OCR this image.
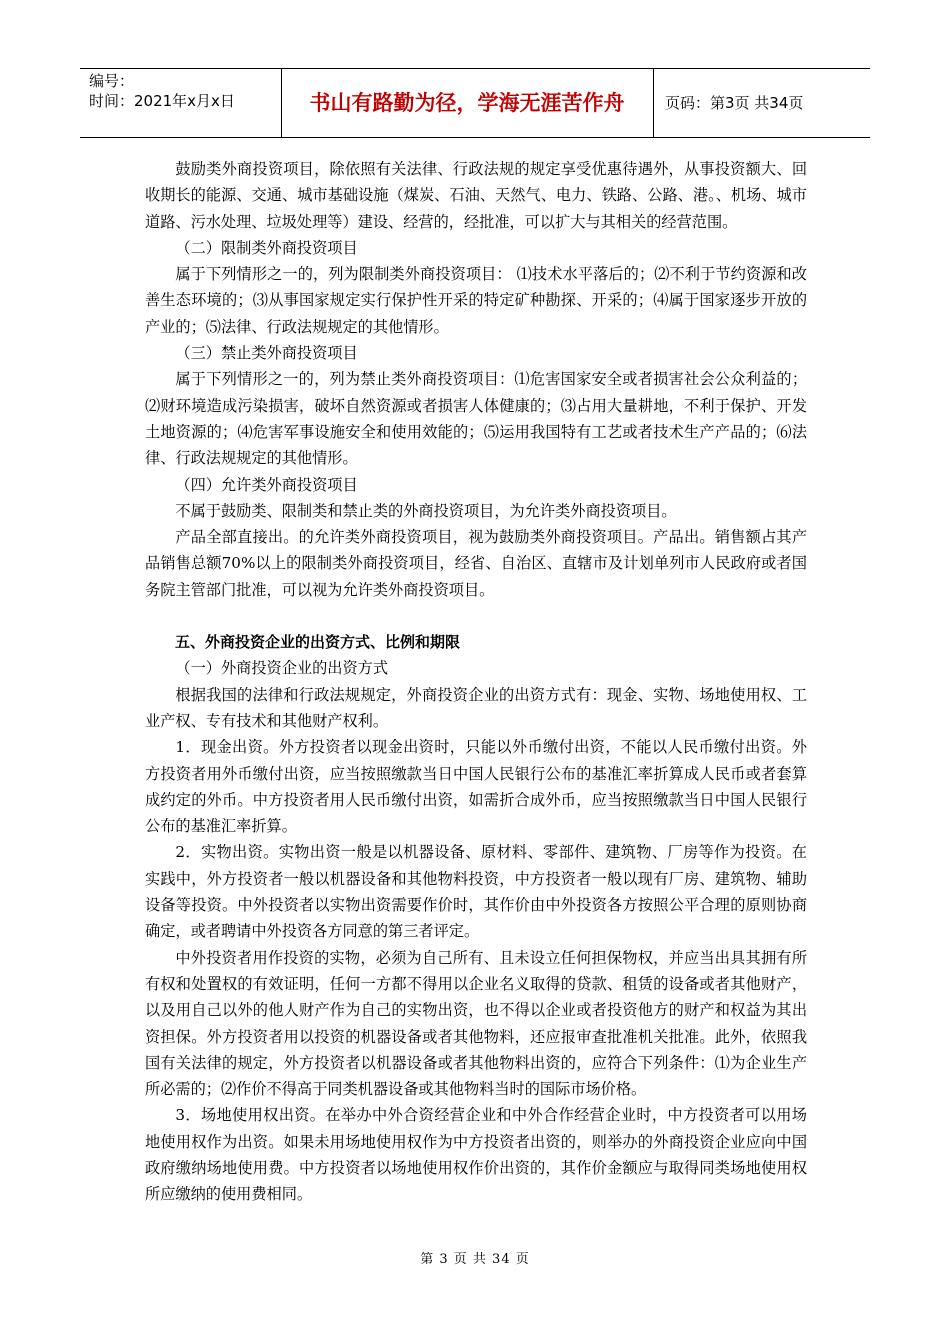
编号：
时间：2021年x月x日	书山有路勤为径，学海无涯苦作舟	页码：第3页 共34页

鼓励类外商投资项目，除依照有关法律、行政法规的规定享受优惠待遇外，从事投资额大、回收期长的能源、交通、城市基础设施（煤炭、石油、天然气、电力、铁路、公路、港。、机场、城市道路、污水处理、垃圾处理等）建设、经营的，经批准，可以扩大与其相关的经营范围。

（二）限制类外商投资项目

属于下列情形之一的，列为限制类外商投资项目： ⑴技术水平落后的；⑵不利于节约资源和改善生态环境的；⑶从事国家规定实行保护性开采的特定矿种勘探、开采的；⑷属于国家逐步开放的产业的；⑸法律、行政法规规定的其他情形。

（三）禁止类外商投资项目

属于下列情形之一的，列为禁止类外商投资项目：⑴危害国家安全或者损害社会公众利益的；⑵财环境造成污染损害，破坏自然资源或者损害人体健康的；⑶占用大量耕地，不利于保护、开发土地资源的；⑷危害军事设施安全和使用效能的；⑸运用我国特有工艺或者技术生产产品的；⑹法律、行政法规规定的其他情形。

（四）允许类外商投资项目

不属于鼓励类、限制类和禁止类的外商投资项目，为允许类外商投资项目。

产品全部直接出。的允许类外商投资项目，视为鼓励类外商投资项目。产品出。销售额占其产品销售总额70%以上的限制类外商投资项目，经省、自治区、直辖市及计划单列市人民政府或者国务院主管部门批准，可以视为允许类外商投资项目。

五、外商投资企业的出资方式、比例和期限

（一）外商投资企业的出资方式

根据我国的法律和行政法规规定，外商投资企业的出资方式有：现金、实物、场地使用权、工业产权、专有技术和其他财产权利。

1．现金出资。外方投资者以现金出资时，只能以外币缴付出资，不能以人民币缴付出资。外方投资者用外币缴付出资，应当按照缴款当日中国人民银行公布的基准汇率折算成人民币或者套算成约定的外币。中方投资者用人民币缴付出资，如需折合成外币，应当按照缴款当日中国人民银行公布的基准汇率折算。

2．实物出资。实物出资一般是以机器设备、原材料、零部件、建筑物、厂房等作为投资。在实践中，外方投资者一般以机器设备和其他物料投资，中方投资者一般以现有厂房、建筑物、辅助设备等投资。中外投资者以实物出资需要作价时，其作价由中外投资各方按照公平合理的原则协商确定，或者聘请中外投资各方同意的第三者评定。

中外投资者用作投资的实物，必须为自己所有、且未设立任何担保物权，并应当出具其拥有所有权和处置权的有效证明，任何一方都不得用以企业名义取得的贷款、租赁的设备或者其他财产，以及用自己以外的他人财产作为自己的实物出资，也不得以企业或者投资他方的财产和权益为其出资担保。外方投资者用以投资的机器设备或者其他物料，还应报审查批准机关批准。此外，依照我国有关法律的规定，外方投资者以机器设备或者其他物料出资的，应符合下列条件：⑴为企业生产所必需的；⑵作价不得高于同类机器设备或其他物料当时的国际市场价格。

3．场地使用权出资。在举办中外合资经营企业和中外合作经营企业时，中方投资者可以用场地使用权作为出资。如果未用场地使用权作为中方投资者出资的，则举办的外商投资企业应向中国政府缴纳场地使用费。中方投资者以场地使用权作价出资的，其作价金额应与取得同类场地使用权所应缴纳的使用费相同。

第 3 页 共 34 页
